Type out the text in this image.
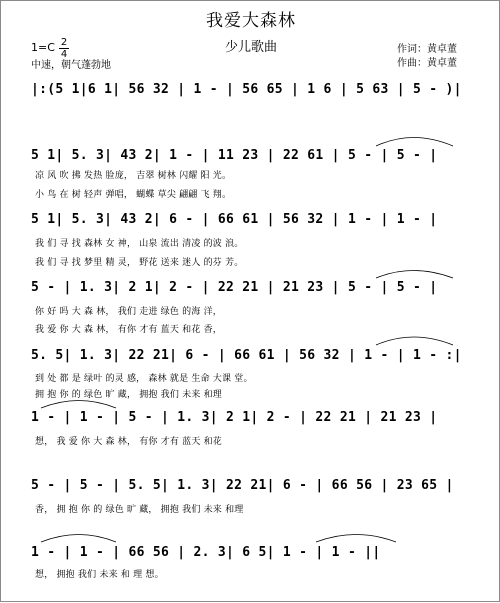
我爱大森林
少儿歌曲
$1=C \frac{2}{4}$
中速，朝气蓬勃地
作词：黄卓董
作曲：黄卓董
|:(5 1|6 1| 56 32 | 1 - | 56 65 | 1 6 | 5 63 | 5 - )|
5 1| 5. 3| 43 2| 1 - | 11 23 | 22 61 | 5 - | 5 - |
凉 风 吹 拂 发热 脸庞， 吉翠 树林 闪耀 阳 光。
小 鸟 在 树 轻声 弹唱， 蝴蝶 草尖 翩翩 飞 翔。
5 1| 5. 3| 43 2| 6 - | 66 61 | 56 32 | 1 - | 1 - |
我 们 寻 找 森林 女 神， 山泉 流出 清凌 的波 浪。
我 们 寻 找 梦里 精 灵， 野花 送来 迷人 的芬 芳。
5 - | 1. 3| 2 1| 2 - | 22 21 | 21 23 | 5 - | 5 - |
你 好 吗 大 森 林， 我们 走进 绿色 的海 洋，
我 爱 你 大 森 林， 有你 才有 蓝天 和花 香，
5. 5| 1. 3| 22 21| 6 - | 66 61 | 56 32 | 1 - | 1 - :|
到 处 都 是 绿叶 的灵 感， 森林 就是 生命 大课 堂。
拥 抱 你 的 绿色 旷 藏， 拥抱 我们 未来 和理
1 - | 1 - | 5 - | 1. 3| 2 1| 2 - | 22 21 | 21 23 |
想， 我 爱 你 大 森 林， 有你 才有 蓝天 和花
5 - | 5 - | 5. 5| 1. 3| 22 21| 6 - | 66 56 | 23 65 |
香， 拥 抱 你 的 绿色 旷 藏， 拥抱 我们 未来 和理
1 - | 1 - | 66 56 | 2. 3| 6 5| 1 - | 1 - ||
想， 拥抱 我们 未来 和 理 想。
